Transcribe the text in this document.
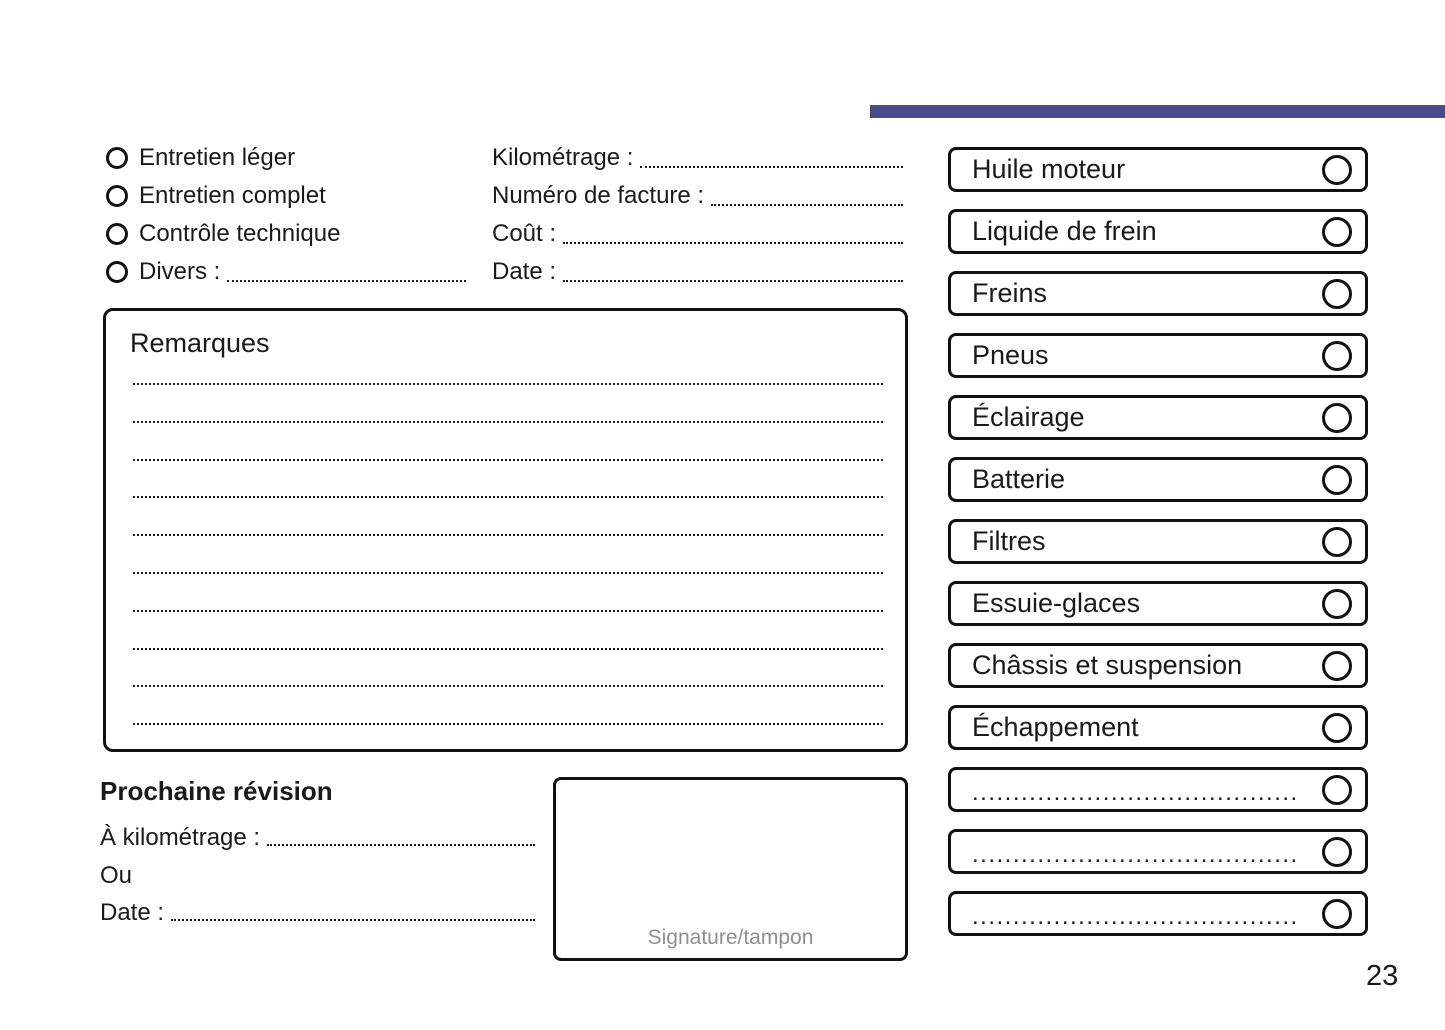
Entretien léger
Entretien complet
Contrôle technique
Divers :
Kilométrage :
Numéro de facture :
Coût :
Date :
Remarques
Prochaine révision
À kilométrage :
Ou
Date :
Signature/tampon
Huile moteur
Liquide de frein
Freins
Pneus
Éclairage
Batterie
Filtres
Essuie-glaces
Châssis et suspension
Échappement
........................................
........................................
........................................
23
